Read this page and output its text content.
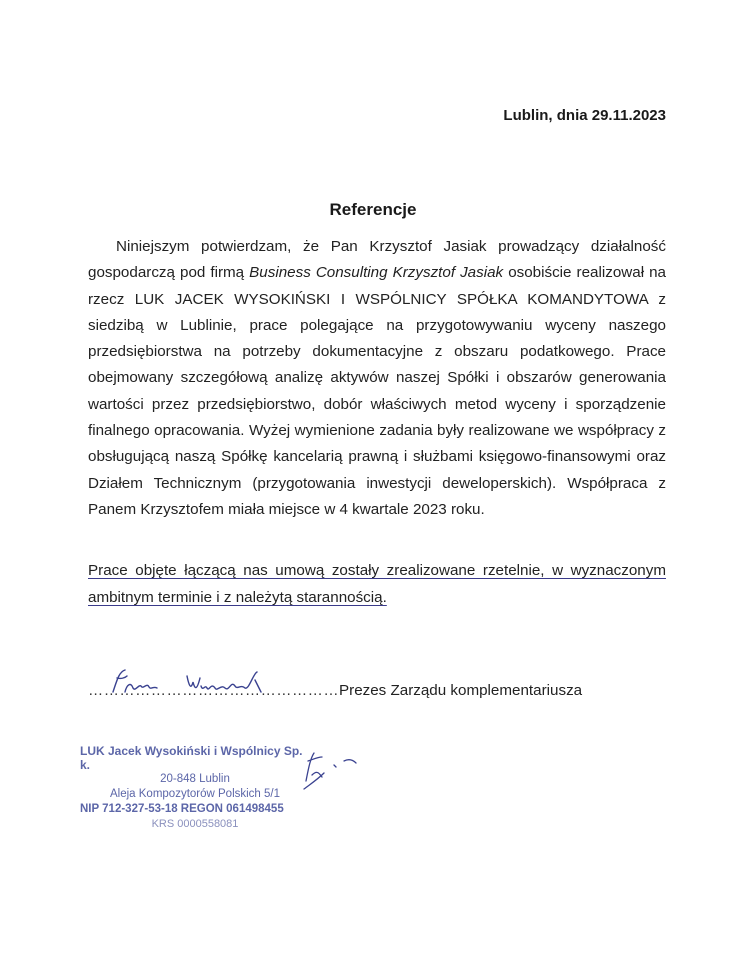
Lublin, dnia 29.11.2023
Referencje

Niniejszym potwierdzam, że Pan Krzysztof Jasiak prowadzący działalność gospodarczą pod firmą Business Consulting Krzysztof Jasiak osobiście realizował na rzecz LUK JACEK WYSOKIŃSKI I WSPÓLNICY SPÓŁKA KOMANDYTOWA z siedzibą w Lublinie, prace polegające na przygotowywaniu wyceny naszego przedsiębiorstwa na potrzeby dokumentacyjne z obszaru podatkowego. Prace obejmowany szczegółową analizę aktywów naszej Spółki i obszarów generowania wartości przez przedsiębiorstwo, dobór właściwych metod wyceny i sporządzenie finalnego opracowania. Wyżej wymienione zadania były realizowane we współpracy z obsługującą naszą Spółkę kancelarią prawną i służbami księgowo-finansowymi oraz Działem Technicznym (przygotowania inwestycji deweloperskich). Współpraca z Panem Krzysztofem miała miejsce w 4 kwartale 2023 roku.

Prace objęte łączącą nas umową zostały zrealizowane rzetelnie, w wyznaczonym ambitnym terminie i z należytą starannością.
…………………………………………Prezes Zarządu komplementariusza
LUK Jacek Wysokiński i Wspólnicy Sp. k.
20-848 Lublin
Aleja Kompozytorów Polskich 5/1
NIP 712-327-53-18 REGON 061498455
KRS 0000558081
